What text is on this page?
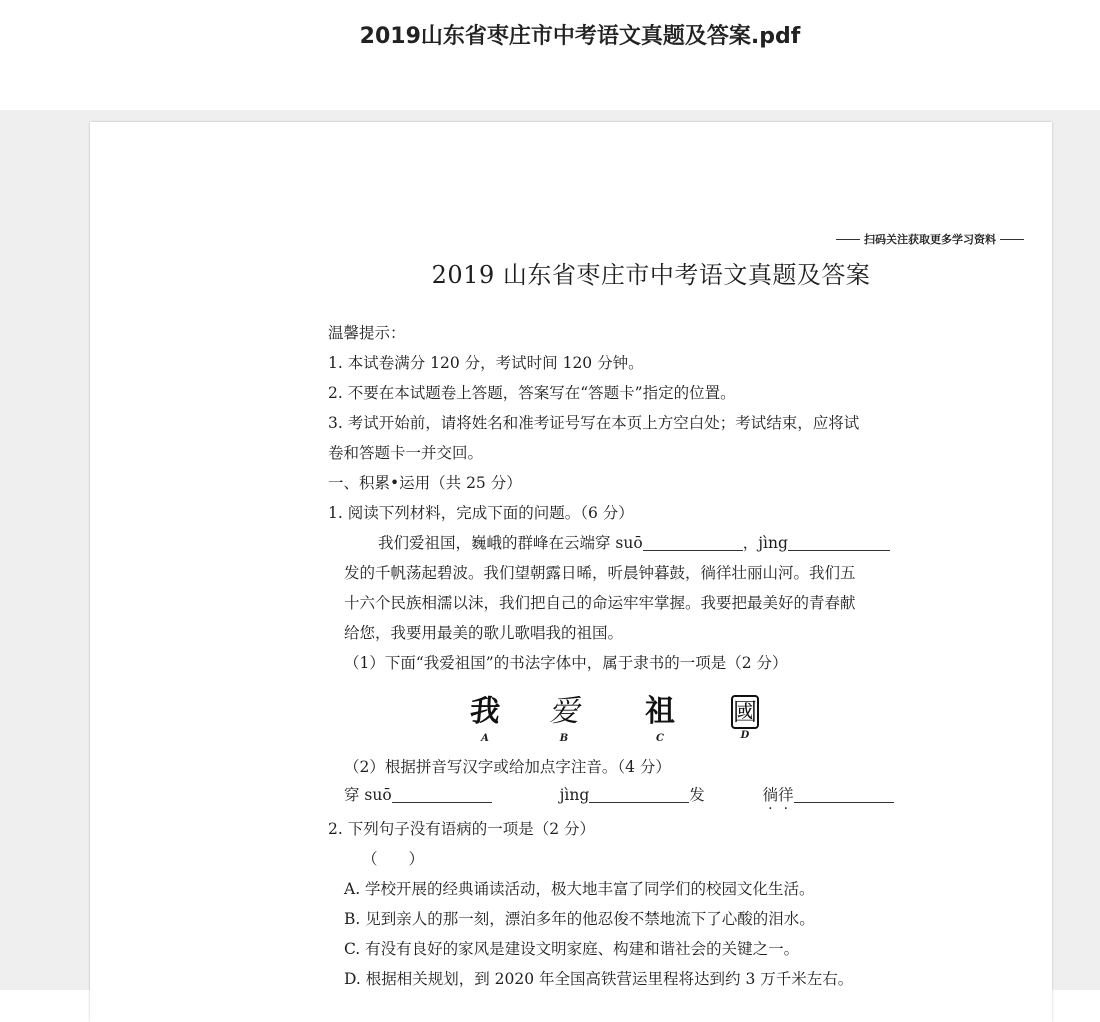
2019山东省枣庄市中考语文真题及答案.pdf
扫码关注获取更多学习资料
2019 山东省枣庄市中考语文真题及答案
温馨提示：
1. 本试卷满分 120 分，考试时间 120 分钟。
2. 不要在本试题卷上答题，答案写在“答题卡”指定的位置。
3. 考试开始前，请将姓名和准考证号写在本页上方空白处；考试结束，应将试
卷和答题卡一并交回。
一、积累•运用（共 25 分）
1. 阅读下列材料，完成下面的问题。（6 分）
我们爱祖国，巍峨的群峰在云端穿 suō	，jìng
发的千帆荡起碧波。我们望朝露日晞，听晨钟暮鼓，徜徉壮丽山河。我们五
十六个民族相濡以沫，我们把自己的命运牢牢掌握。我要把最美好的青春献
给您，我要用最美的歌儿歌唱我的祖国。
（1）下面“我爱祖国”的书法字体中，属于隶书的一项是（2 分）
我
A
爱
B
祖
C
國
D
（2）根据拼音写汉字或给加点字注音。（4 分）
穿 suō	jìng	发	徜徉
2. 下列句子没有语病的一项是（2 分）
（　　）
A. 学校开展的经典诵读活动，极大地丰富了同学们的校园文化生活。
B. 见到亲人的那一刻，漂泊多年的他忍俊不禁地流下了心酸的泪水。
C. 有没有良好的家风是建设文明家庭、构建和谐社会的关键之一。
D. 根据相关规划，到 2020 年全国高铁营运里程将达到约 3 万千米左右。
